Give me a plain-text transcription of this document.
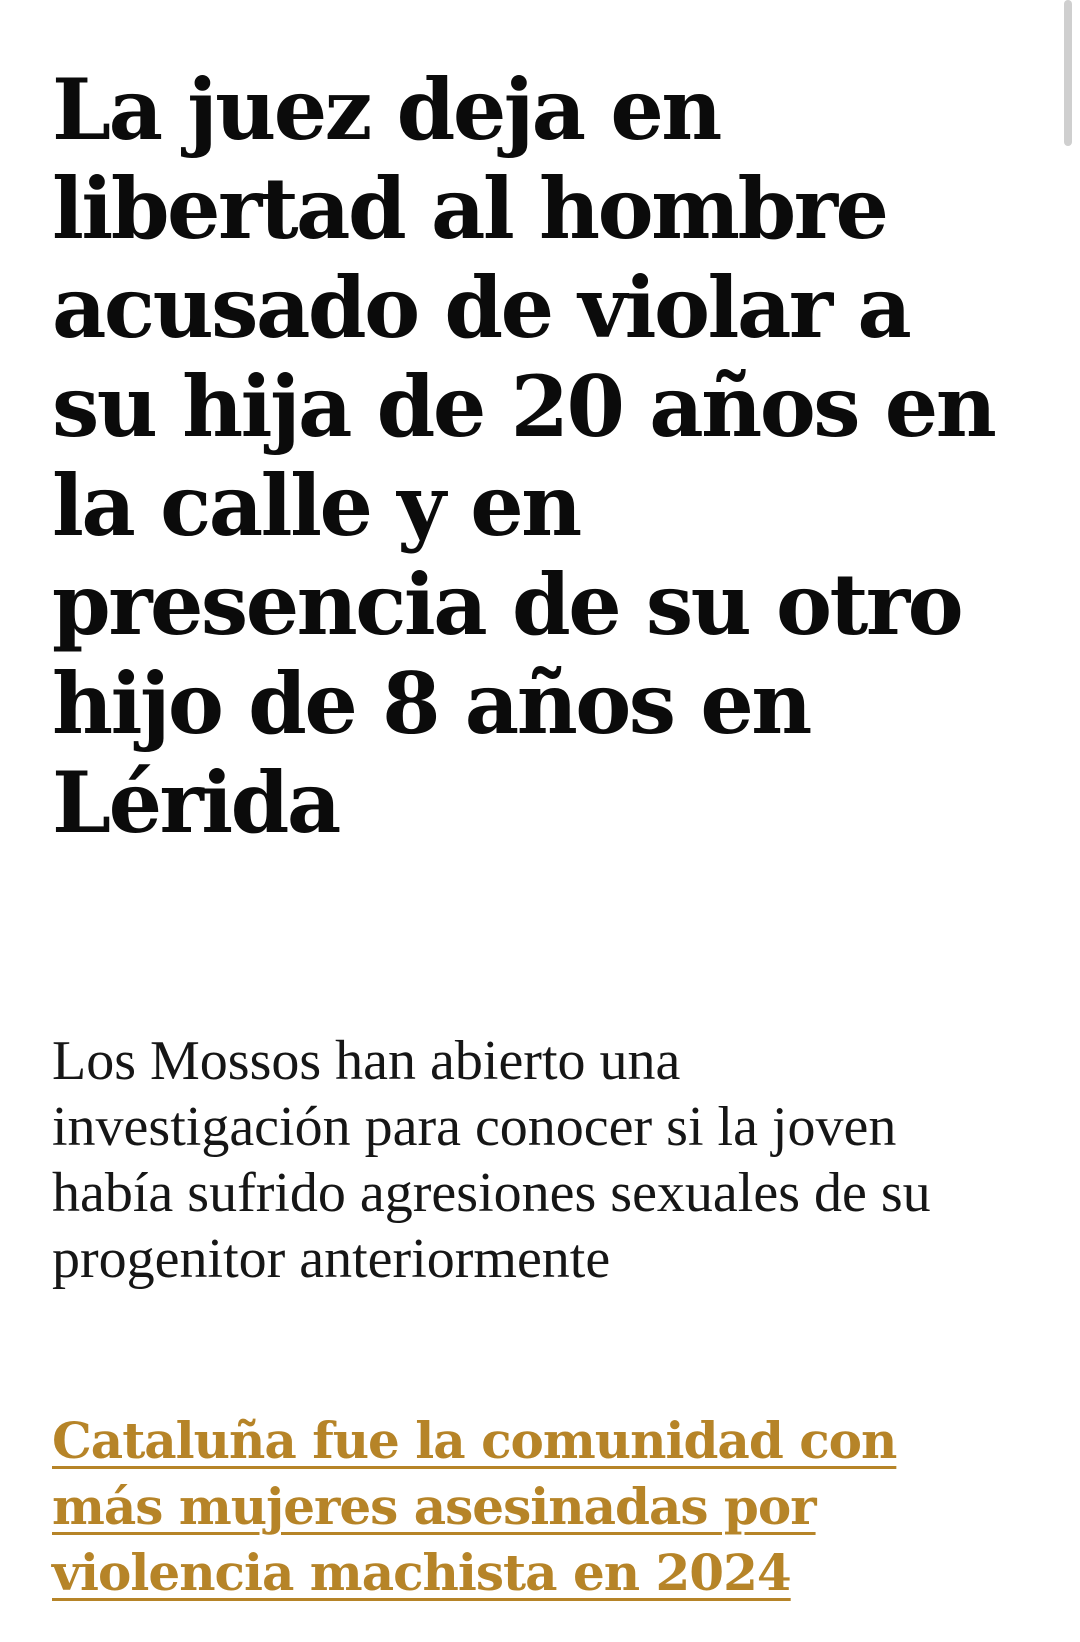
La juez deja en libertad al hombre acusado de violar a su hija de 20 años en la calle y en presencia de su otro hijo de 8 años en Lérida

Los Mossos han abierto una investigación para conocer si la joven había sufrido agresiones sexuales de su progenitor anteriormente

Cataluña fue la comunidad con más mujeres asesinadas por violencia machista en 2024
